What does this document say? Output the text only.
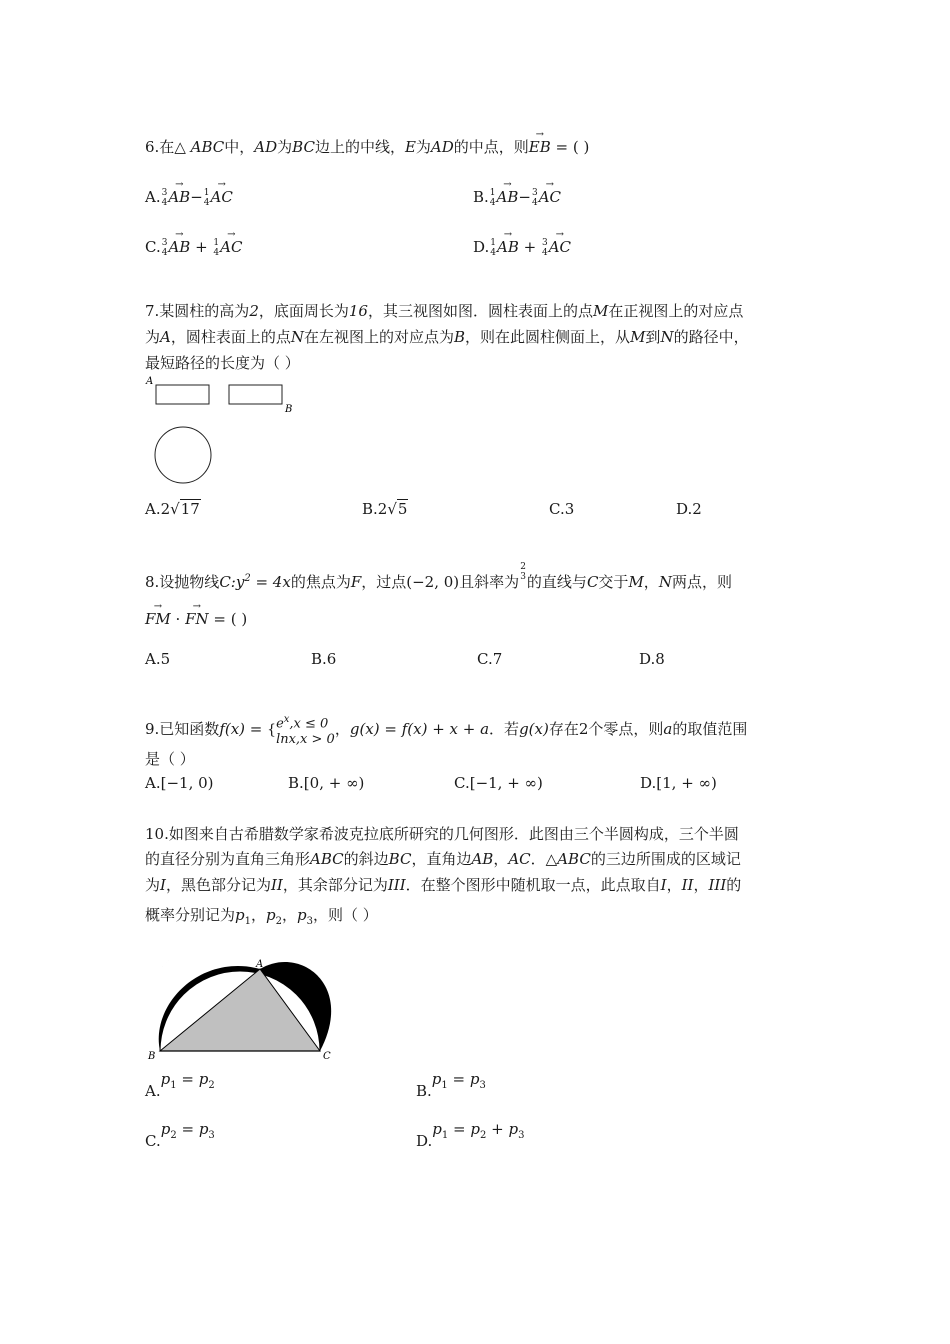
6.在△ ABC中，AD为BC边上的中线，E为AD的中点，则→ EB = ( )
A. 3
4 → AB− 1
4 → AC	B. 1
4 → AB− 3
4 → AC
C. 3
4 → AB + 1
4 → AC	D. 1
4 → AB + 3
4 → AC
7.某圆柱的高为2，底面周长为16，其三视图如图．圆柱表面上的点M在正视图上的对应点
为A，圆柱表面上的点N在左视图上的对应点为B，则在此圆柱侧面上，从M到N的路径中，
最短路径的长度为（ ）
A
B
A.2√17	B.2√5	C.3	D.2
8.设抛物线$C:y^2 = 4x$的焦点为F，过点(−2, 0)且斜率为
2
3 的直线与C交于M，N两点，则
→ FM · → FN = ( )
A.5	B.6	C.7	D.8
9.已知函数f(x) = { $e^x,x \le 0$
lnx,x > 0
，g(x) = f(x) + x + a．若g(x)存在2个零点，则a的取值范围
是（ ）
A.[−1, 0)	B.[0, + ∞)	C.[−1, + ∞)	D.[1, + ∞)
10.如图来自古希腊数学家希波克拉底所研究的几何图形．此图由三个半圆构成，三个半圆
的直径分别为直角三角形ABC的斜边BC，直角边AB，AC．△ABC的三边所围成的区域记
为I，黑色部分记为II，其余部分记为III．在整个图形中随机取一点，此点取自I，II，III的
概率分别记为$p_1$，$p_2$，$p_3$，则（ ）
A
B	C
$A.p_1 = p_2$	$B.p_1 = p_3$
$C.p_2 = p_3$	$D.p_1 = p_2 + p_3$
